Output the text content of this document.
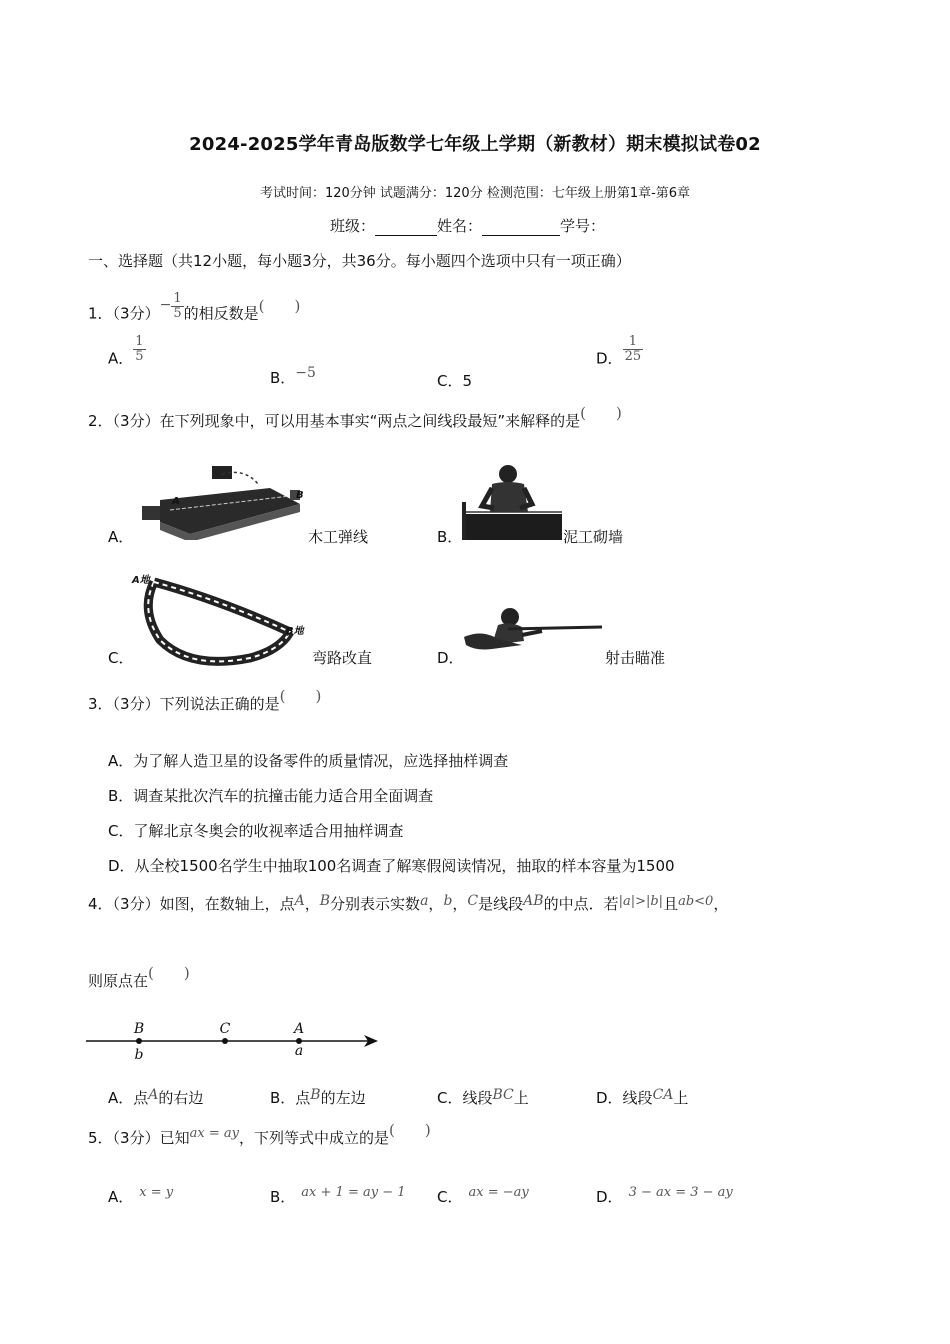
2024-2025学年青岛版数学七年级上学期（新教材）期末模拟试卷02
考试时间：120分钟 试题满分：120分 检测范围：七年级上册第1章-第6章
班级：	姓名：	学号：
一、选择题（共12小题，每小题3分，共36分。每小题四个选项中只有一项正确）
1．（3分）− $\frac{1}{5}$ 的相反数是(　　)
A． $\frac{1}{5}$
B．−5	C．5
D． $\frac{1}{25}$
2．（3分）在下列现象中，可以用基本事实“两点之间线段最短”来解释的是(　　)
A．
A
B
木工弹线	B．	泥工砌墙
C．
A地
B地
弯路改直	D．	射击瞄准
3．（3分）下列说法正确的是(　　)
A．为了解人造卫星的设备零件的质量情况，应选择抽样调查
B．调查某批次汽车的抗撞击能力适合用全面调查
C．了解北京冬奥会的收视率适合用抽样调查
D．从全校1500名学生中抽取100名调查了解寒假阅读情况，抽取的样本容量为1500
4．（3分）如图，在数轴上，点A，B分别表示实数a，b，C是线段AB的中点．若|a|>|b|且ab<0，
则原点在(　　)
B
b
C	A
a
A．点A的右边	B．点B的左边	C．线段BC上	D．线段CA上
5．（3分）已知ax = ay，下列等式中成立的是(　　)
A． x = y	B． ax + 1 = ay − 1 C． ax = −ay	D． 3 − ax = 3 − ay
